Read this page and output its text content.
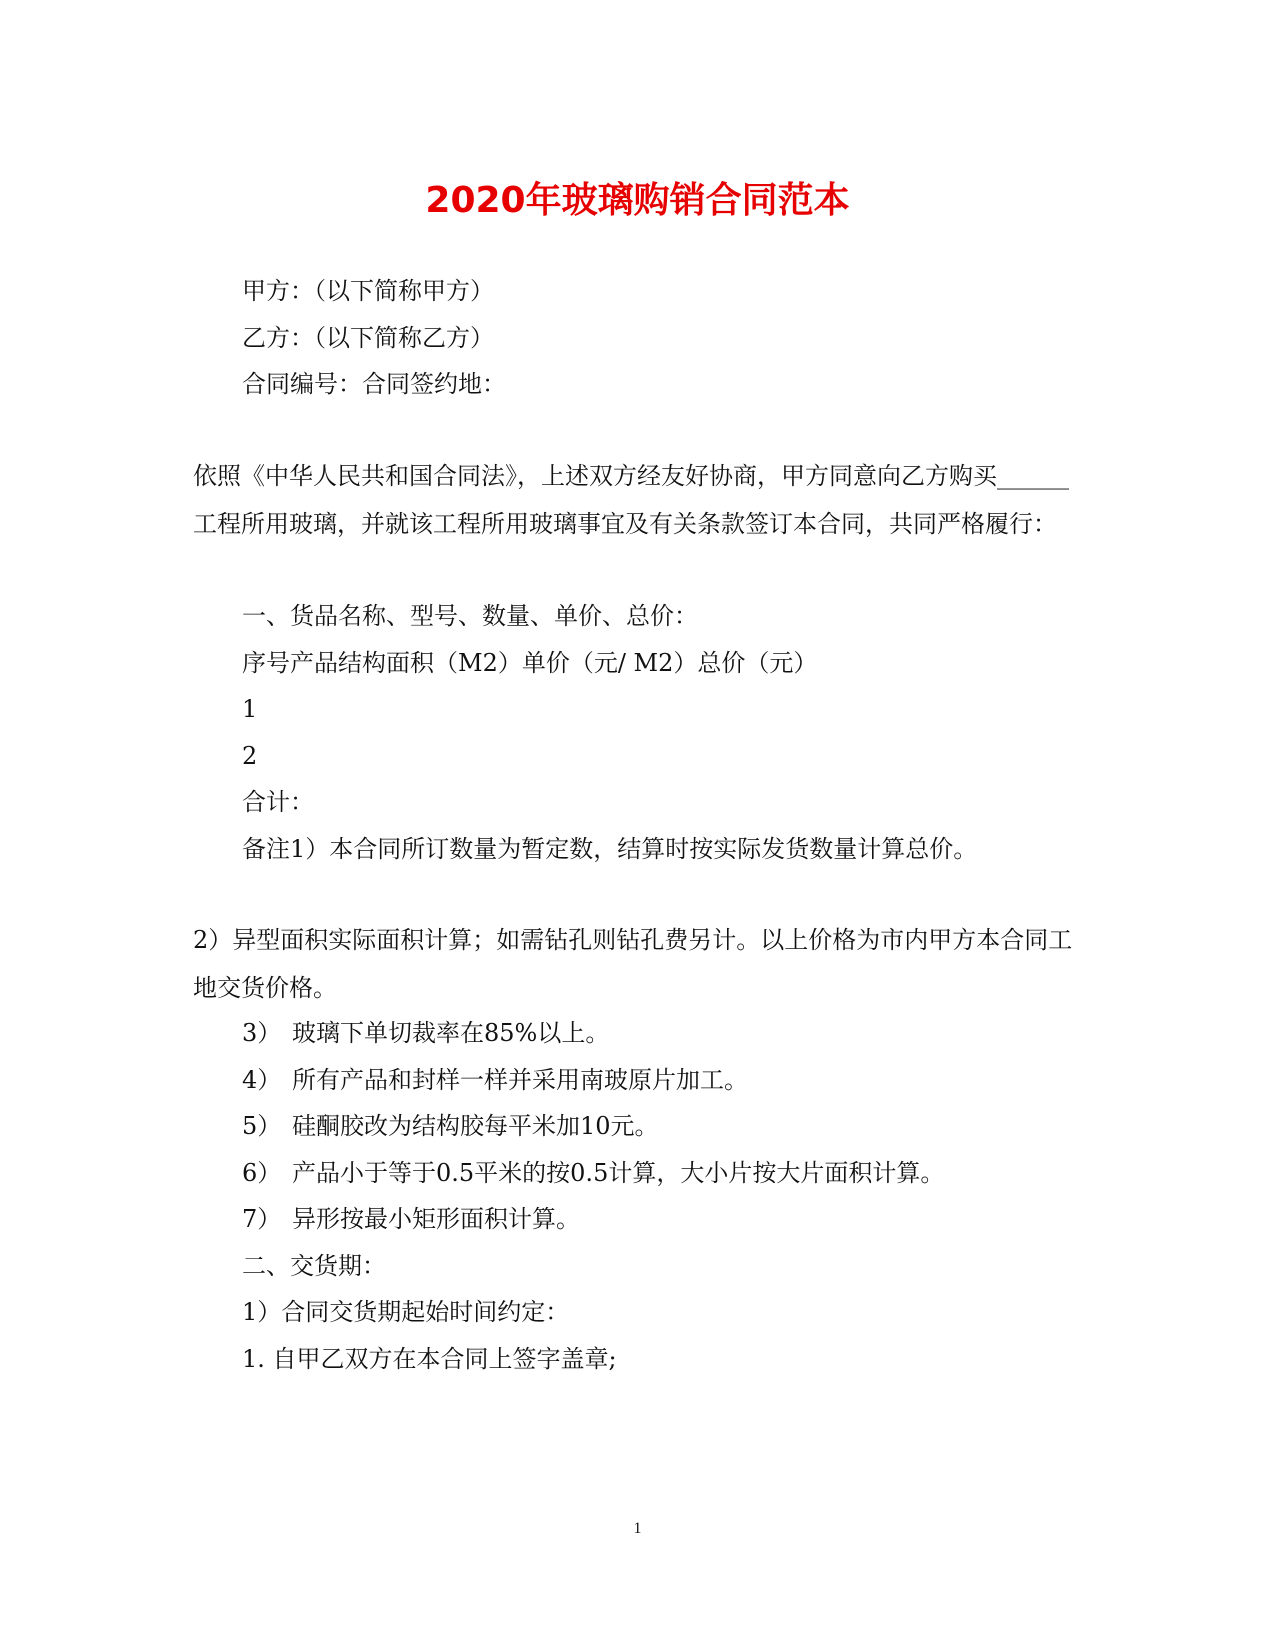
2020年玻璃购销合同范本
甲方：（以下简称甲方）
乙方：（以下简称乙方）
合同编号：合同签约地：
依照《中华人民共和国合同法》，上述双方经友好协商，甲方同意向乙方购买______工程所用玻璃，并就该工程所用玻璃事宜及有关条款签订本合同，共同严格履行：
一、货品名称、型号、数量、单价、总价：
序号产品结构面积（M2）单价（元/ M2）总价（元）
1
2
合计：
备注1）本合同所订数量为暂定数，结算时按实际发货数量计算总价。
2）异型面积实际面积计算；如需钻孔则钻孔费另计。以上价格为市内甲方本合同工地交货价格。
3） 玻璃下单切裁率在85%以上。
4） 所有产品和封样一样并采用南玻原片加工。
5） 硅酮胶改为结构胶每平米加10元。
6） 产品小于等于0.5平米的按0.5计算，大小片按大片面积计算。
7） 异形按最小矩形面积计算。
二、交货期：
1）合同交货期起始时间约定：
1. 自甲乙双方在本合同上签字盖章;
1
